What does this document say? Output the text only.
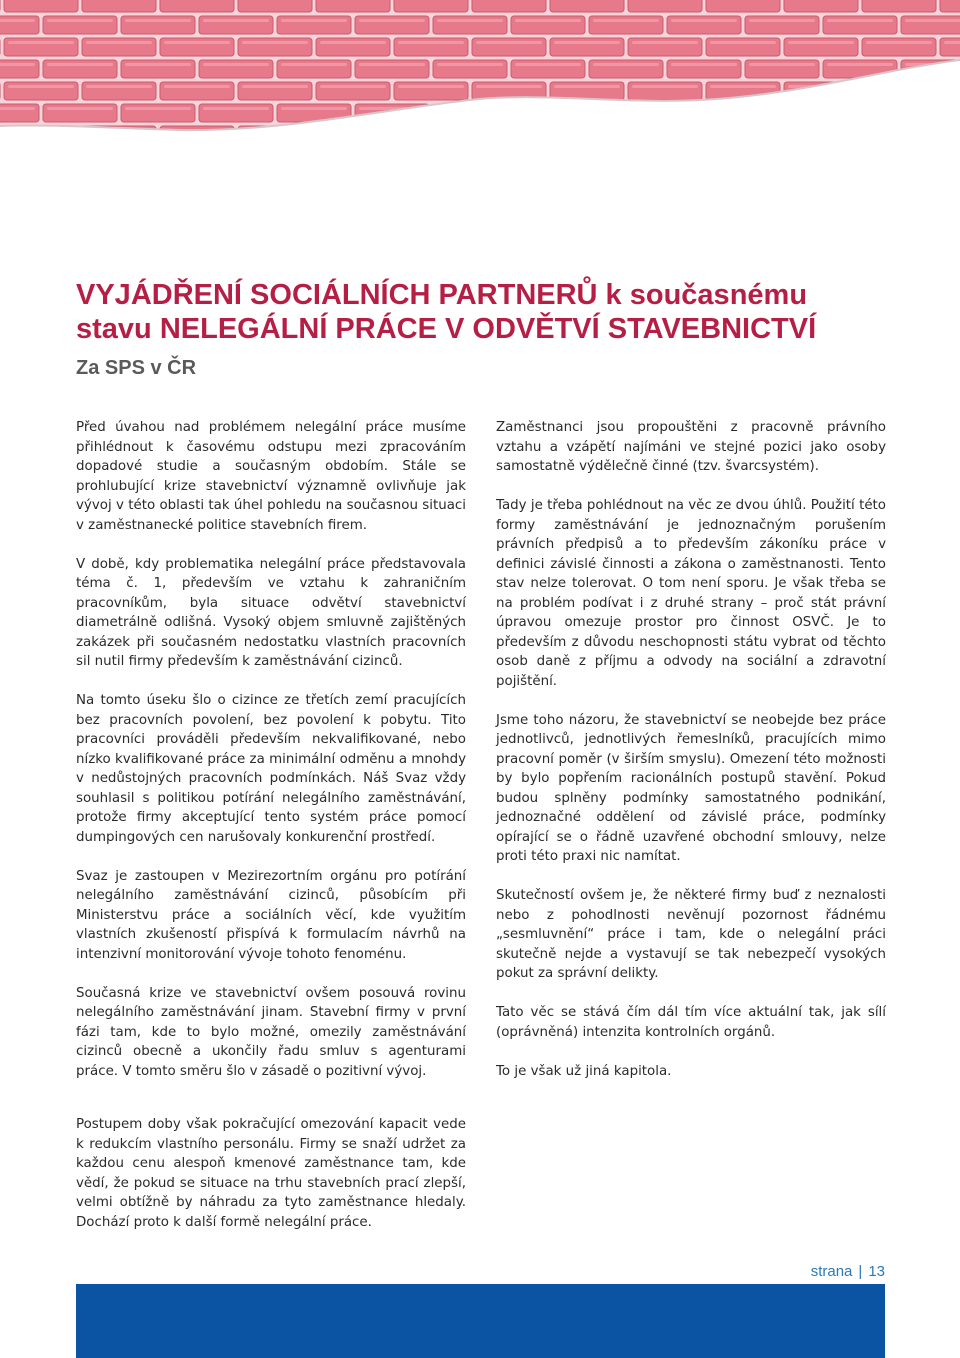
VYJÁDŘENÍ SOCIÁLNÍCH PARTNERŮ k současnému
stavu NELEGÁLNÍ PRÁCE V ODVĚTVÍ STAVEBNICTVÍ
Za SPS v ČR

Před úvahou nad problémem nelegální práce musíme přihlédnout k časovému odstupu mezi zpracováním dopadové studie a současným obdobím. Stále se prohlubující krize stavebnictví významně ovlivňuje jak vývoj v této oblasti tak úhel pohledu na současnou situaci v zaměstnanecké politice stavebních firem.

V době, kdy problematika nelegální práce představovala téma č. 1, především ve vztahu k zahraničním pracovníkům, byla situace odvětví stavebnictví diametrálně odlišná. Vysoký objem smluvně zajištěných zakázek při současném nedostatku vlastních pracovních sil nutil firmy především k zaměstnávání cizinců.

Na tomto úseku šlo o cizince ze třetích zemí pracujících bez pracovních povolení, bez povolení k pobytu. Tito pracovníci prováděli především nekvalifikované, nebo nízko kvalifikované práce za minimální odměnu a mnohdy v nedůstojných pracovních podmínkách. Náš Svaz vždy souhlasil s politikou potírání nelegálního zaměstnávání, protože firmy akceptující tento systém práce pomocí dumpingových cen narušovaly konkurenční prostředí.

Svaz je zastoupen v Mezirezortním orgánu pro potírání nelegálního zaměstnávání cizinců, působícím při Ministerstvu práce a sociálních věcí, kde využitím vlastních zkušeností přispívá k formulacím návrhů na intenzivní monitorování vývoje tohoto fenoménu.

Současná krize ve stavebnictví ovšem posouvá rovinu nelegálního zaměstnávání jinam. Stavební firmy v první fázi tam, kde to bylo možné, omezily zaměstnávání cizinců obecně a ukončily řadu smluv s agenturami práce. V tomto směru šlo v zásadě o pozitivní vývoj.

Postupem doby však pokračující omezování kapacit vede k redukcím vlastního personálu. Firmy se snaží udržet za každou cenu alespoň kmenové zaměstnance tam, kde vědí, že pokud se situace na trhu stavebních prací zlepší, velmi obtížně by náhradu za tyto zaměstnance hledaly. Dochází proto k další formě nelegální práce.

Zaměstnanci jsou propouštěni z pracovně právního vztahu a vzápětí najímáni ve stejné pozici jako osoby samostatně výdělečně činné (tzv. švarcsystém).

Tady je třeba pohlédnout na věc ze dvou úhlů. Použití této formy zaměstnávání je jednoznačným porušením právních předpisů a to především zákoníku práce v definici závislé činnosti a zákona o zaměstnanosti. Tento stav nelze tolerovat. O tom není sporu. Je však třeba se na problém podívat i z druhé strany – proč stát právní úpravou omezuje prostor pro činnost OSVČ. Je to především z důvodu neschopnosti státu vybrat od těchto osob daně z příjmu a odvody na sociální a zdravotní pojištění.

Jsme toho názoru, že stavebnictví se neobejde bez práce jednotlivců, jednotlivých řemeslníků, pracujících mimo pracovní poměr (v širším smyslu). Omezení této možnosti by bylo popřením racionálních postupů stavění. Pokud budou splněny podmínky samostatného podnikání, jednoznačné oddělení od závislé práce, podmínky opírající se o řádně uzavřené obchodní smlouvy, nelze proti této praxi nic namítat.

Skutečností ovšem je, že některé firmy buď z neznalosti nebo z pohodlnosti nevěnují pozornost řádnému „sesmluvnění“ práce i tam, kde o nelegální práci skutečně nejde a vystavují se tak nebezpečí vysokých pokut za správní delikty.

Tato věc se stává čím dál tím více aktuální tak, jak sílí (oprávněná) intenzita kontrolních orgánů.

To je však už jiná kapitola.

strana | 13
